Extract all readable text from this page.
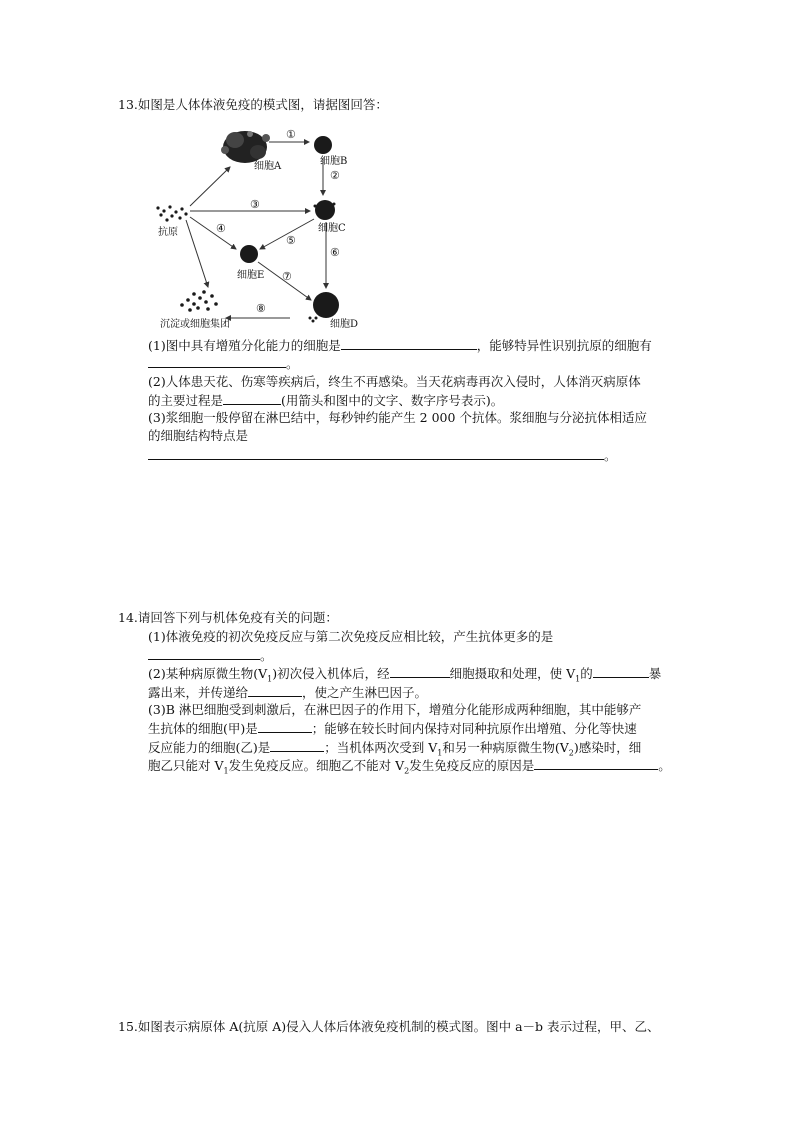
13.如图是人体体液免疫的模式图，请据图回答：
细胞A	细胞B
细胞C
细胞E
细胞D
抗原
沉淀或细胞集团
①
②
③
④
⑤
⑥
⑦
⑧
(1)图中具有增殖分化能力的细胞是	，能够特异性识别抗原的细胞有
。
(2)人体患天花、伤寒等疾病后，终生不再感染。当天花病毒再次入侵时，人体消灭病原体
的主要过程是	(用箭头和图中的文字、数字序号表示)。
(3)浆细胞一般停留在淋巴结中，每秒钟约能产生 2 000 个抗体。浆细胞与分泌抗体相适应
的细胞结构特点是
。
14.请回答下列与机体免疫有关的问题：
(1)体液免疫的初次免疫反应与第二次免疫反应相比较，产生抗体更多的是
。
(2)某种病原微生物$(V_1)$初次侵入机体后，经	细胞摄取和处理，使 $V_1$的	暴
露出来，并传递给	，使之产生淋巴因子。
(3)B 淋巴细胞受到刺激后，在淋巴因子的作用下，增殖分化能形成两种细胞，其中能够产
生抗体的细胞(甲)是	；能够在较长时间内保持对同种抗原作出增殖、分化等快速
反应能力的细胞(乙)是	；当机体两次受到 $V_1$和另一种病原微生物$(V_2)$感染时，细
胞乙只能对 $V_1$发生免疫反应。细胞乙不能对 $V_2$发生免疫反应的原因是	。
15.如图表示病原体 A(抗原 A)侵入人体后体液免疫机制的模式图。图中 a－b 表示过程，甲、乙、
